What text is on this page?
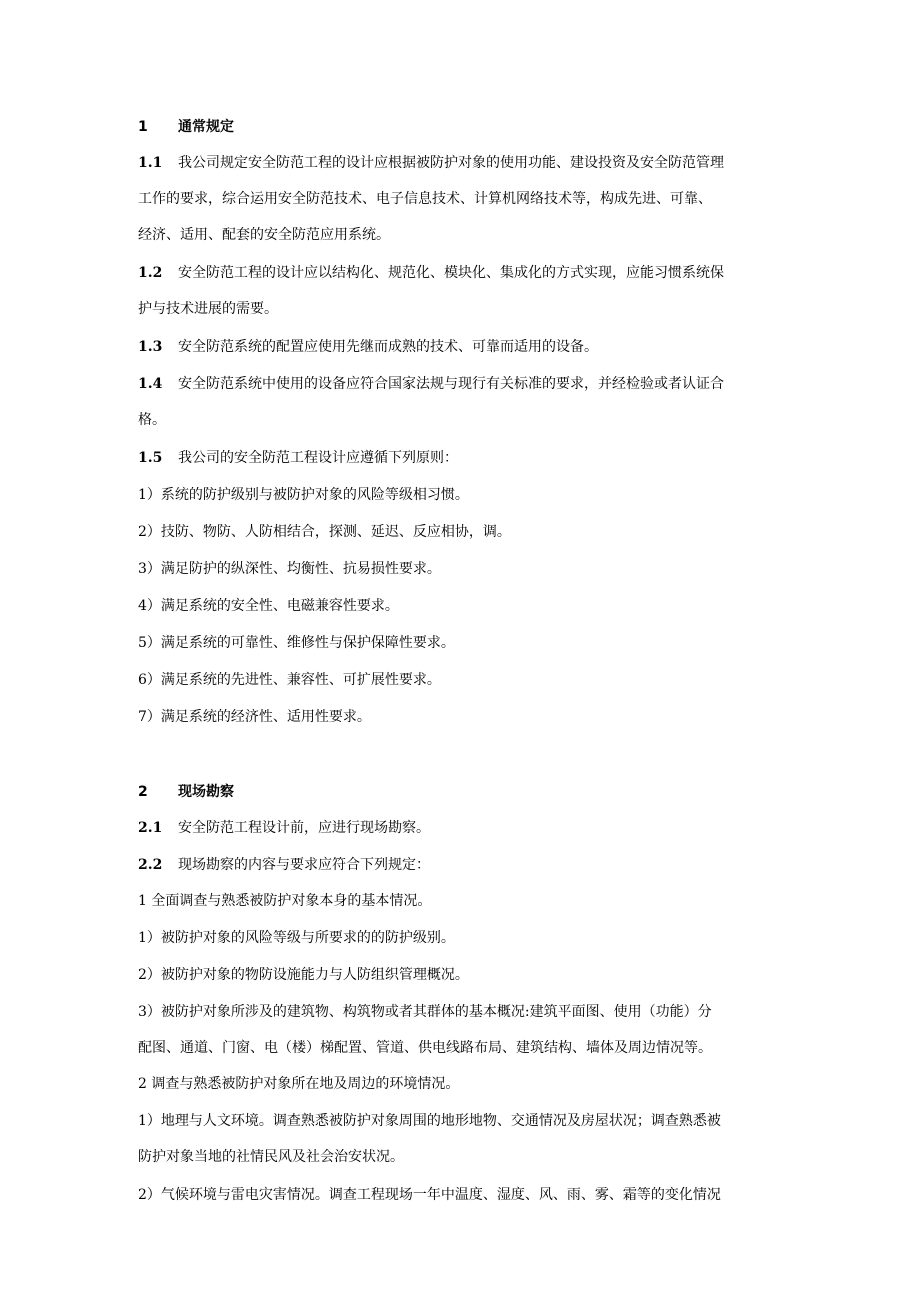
1 通常规定
1.1 我公司规定安全防范工程的设计应根据被防护对象的使用功能、建设投资及安全防范管理
工作的要求，综合运用安全防范技术、电子信息技术、计算机网络技术等，构成先进、可靠、
经济、适用、配套的安全防范应用系统。
1.2 安全防范工程的设计应以结构化、规范化、模块化、集成化的方式实现，应能习惯系统保
护与技术进展的需要。
1.3 安全防范系统的配置应使用先继而成熟的技术、可靠而适用的设备。
1.4 安全防范系统中使用的设备应符合国家法规与现行有关标准的要求，并经检验或者认证合
格。
1.5 我公司的安全防范工程设计应遵循下列原则：
1）系统的防护级别与被防护对象的风险等级相习惯。
2）技防、物防、人防相结合，探测、延迟、反应相协，调。
3）满足防护的纵深性、均衡性、抗易损性要求。
4）满足系统的安全性、电磁兼容性要求。
5）满足系统的可靠性、维修性与保护保障性要求。
6）满足系统的先进性、兼容性、可扩展性要求。
7）满足系统的经济性、适用性要求。
2 现场勘察
2.1 安全防范工程设计前，应进行现场勘察。
2.2 现场勘察的内容与要求应符合下列规定：
1 全面调查与熟悉被防护对象本身的基本情况。
1）被防护对象的风险等级与所要求的的防护级别。
2）被防护对象的物防设施能力与人防组织管理概况。
3）被防护对象所涉及的建筑物、构筑物或者其群体的基本概况:建筑平面图、使用（功能）分
配图、通道、门窗、电（楼）梯配置、管道、供电线路布局、建筑结构、墙体及周边情况等。
2 调查与熟悉被防护对象所在地及周边的环境情况。
1）地理与人文环境。调查熟悉被防护对象周围的地形地物、交通情况及房屋状况；调查熟悉被
防护对象当地的社情民风及社会治安状况。
2）气候环境与雷电灾害情况。调查工程现场一年中温度、湿度、风、雨、雾、霜等的变化情况
